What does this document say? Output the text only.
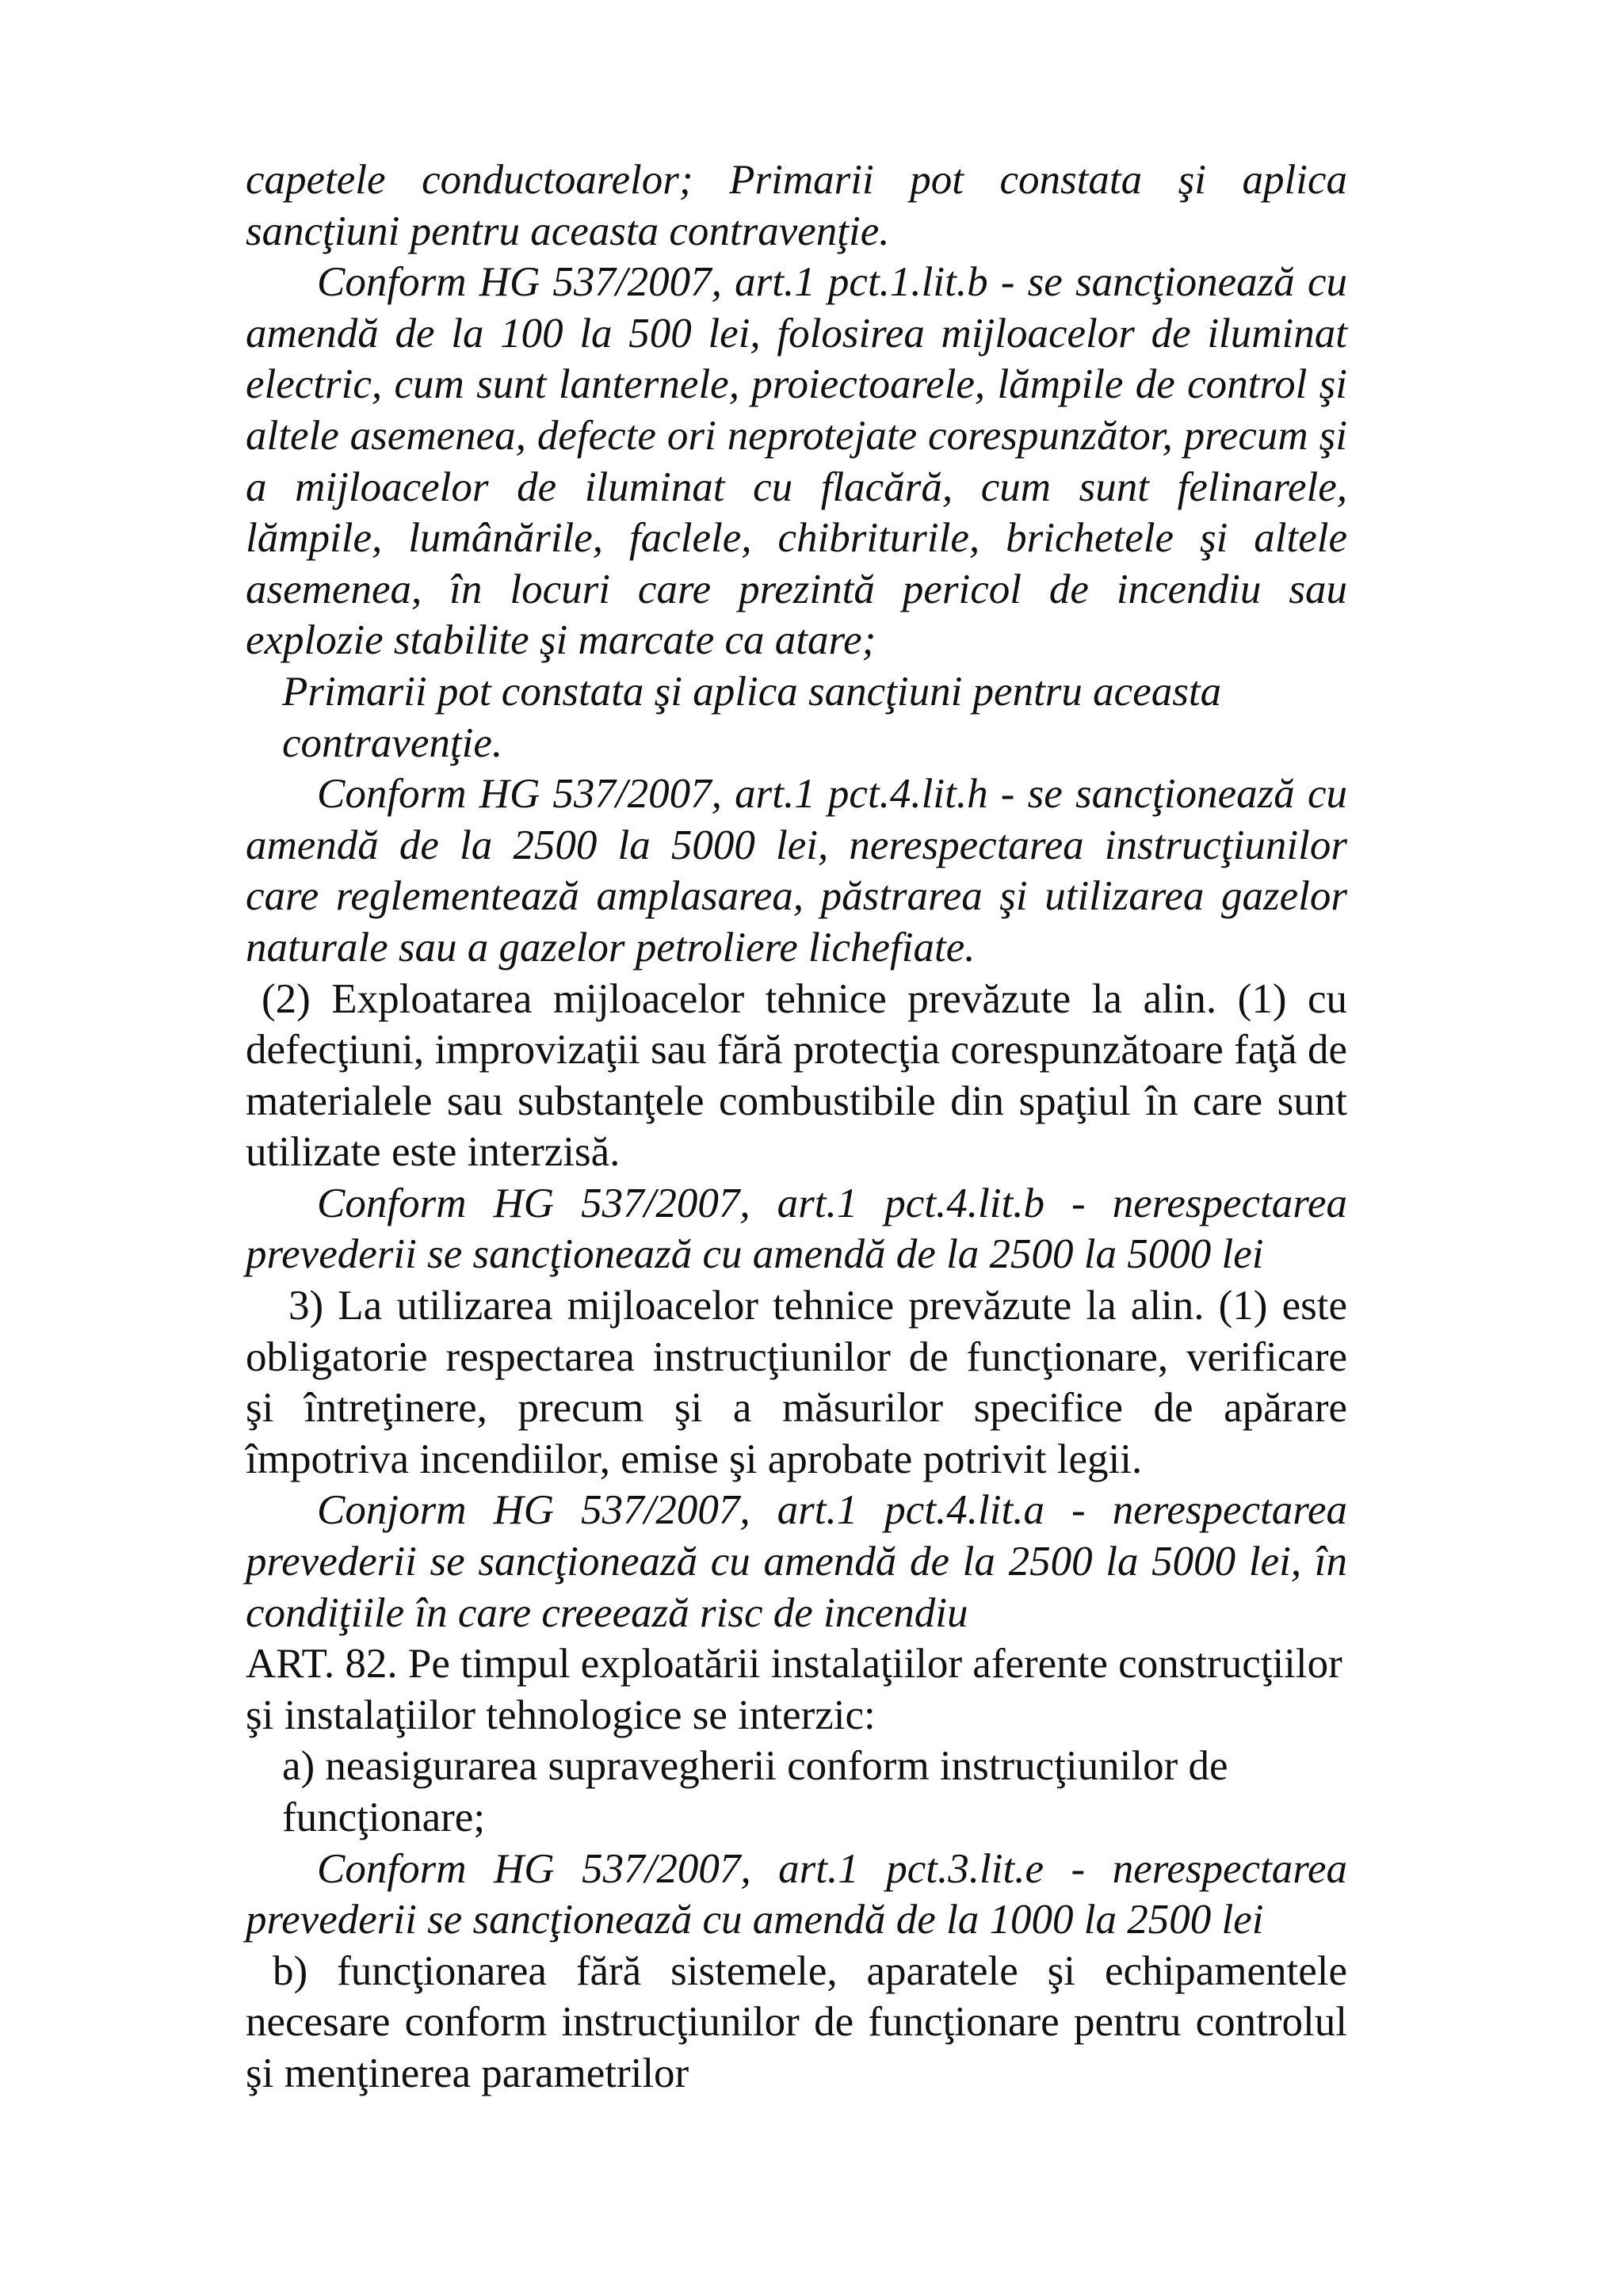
capetele conductoarelor; Primarii pot constata şi aplica sancţiuni pentru aceasta contravenţie.

Conform HG 537/2007, art.1 pct.1.lit.b - se sancţionează cu amendă de la 100 la 500 lei, folosirea mijloacelor de iluminat electric, cum sunt lanternele, proiectoarele, lămpile de control şi altele asemenea, defecte ori neprotejate corespunzător, precum şi a mijloacelor de iluminat cu flacără, cum sunt felinarele, lămpile, lumânările, faclele, chibriturile, brichetele şi altele asemenea, în locuri care prezintă pericol de incendiu sau explozie stabilite şi marcate ca atare;

Primarii pot constata şi aplica sancţiuni pentru aceasta contravenţie.

Conform HG 537/2007, art.1 pct.4.lit.h - se sancţionează cu amendă de la 2500 la 5000 lei, nerespectarea instrucţiunilor care reglementează amplasarea, păstrarea şi utilizarea gazelor naturale sau a gazelor petroliere lichefiate.

(2) Exploatarea mijloacelor tehnice prevăzute la alin. (1) cu defecţiuni, improvizaţii sau fără protecţia corespunzătoare faţă de materialele sau substanţele combustibile din spaţiul în care sunt utilizate este interzisă.

Conform HG 537/2007, art.1 pct.4.lit.b - nerespectarea prevederii se sancţionează cu amendă de la 2500 la 5000 lei

3) La utilizarea mijloacelor tehnice prevăzute la alin. (1) este obligatorie respectarea instrucţiunilor de funcţionare, verificare şi întreţinere, precum şi a măsurilor specifice de apărare împotriva incendiilor, emise şi aprobate potrivit legii.

Conjorm HG 537/2007, art.1 pct.4.lit.a - nerespectarea prevederii se sancţionează cu amendă de la 2500 la 5000 lei, în condiţiile în care creeează risc de incendiu

ART. 82. Pe timpul exploatării instalaţiilor aferente construcţiilor şi instalaţiilor tehnologice se interzic:

a) neasigurarea supravegherii conform instrucţiunilor de funcţionare;

Conform HG 537/2007, art.1 pct.3.lit.e - nerespectarea prevederii se sancţionează cu amendă de la 1000 la 2500 lei

b) funcţionarea fără sistemele, aparatele şi echipamentele necesare conform instrucţiunilor de funcţionare pentru controlul şi menţinerea parametrilor
